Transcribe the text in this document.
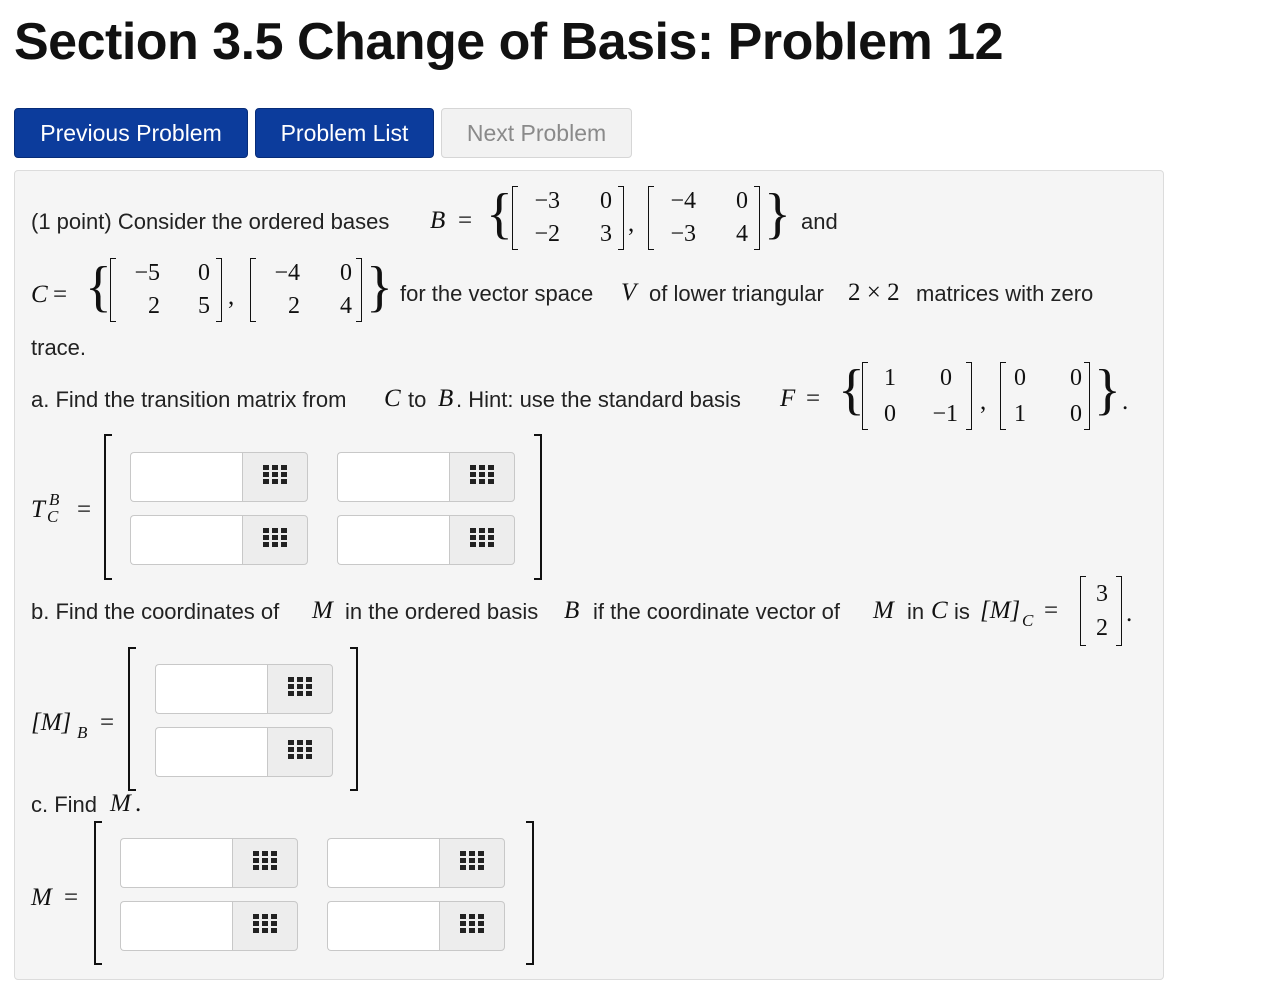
Section 3.5 Change of Basis: Problem 12
Previous Problem	Problem List	Next Problem
(1 point) Consider the ordered bases B = { −3	0
−2	3 ,
−4	0
−3	4 } and
C = { −5	0
2	5 ,
−4	0
2	4 } for the vector space V of lower triangular 2 × 2 matrices with zero
trace.
a. Find the transition matrix from C to B . Hint: use the standard basis F = { 1	0
0 −1 ,
0	0
1	0 } .
T B
C =
b. Find the coordinates of M in the ordered basis B if the coordinate vector of M in C is [M] C =
3
2
.
[M] B =
c. Find M .
M =
